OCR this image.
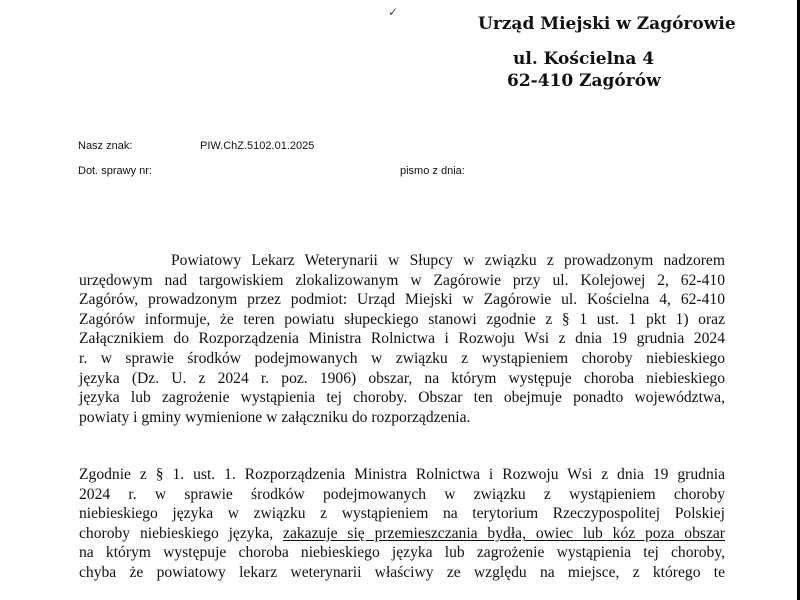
✓
Urząd Miejski w Zagórowie
ul. Kościelna 4
62-410 Zagórów
Nasz znak:	PIW.ChZ.5102.01.2025
Dot. sprawy nr:	pismo z dnia:
Powiatowy Lekarz Weterynarii w Słupcy w związku z prowadzonym nadzorem
urzędowym nad targowiskiem zlokalizowanym w Zagórowie przy ul. Kolejowej 2, 62-410
Zagórów, prowadzonym przez podmiot: Urząd Miejski w Zagórowie ul. Kościelna 4, 62-410
Zagórów informuje, że teren powiatu słupeckiego stanowi zgodnie z § 1 ust. 1 pkt 1) oraz
Załącznikiem do Rozporządzenia Ministra Rolnictwa i Rozwoju Wsi z dnia 19 grudnia 2024
r. w sprawie środków podejmowanych w związku z wystąpieniem choroby niebieskiego
języka (Dz. U. z 2024 r. poz. 1906) obszar, na którym występuje choroba niebieskiego
języka lub zagrożenie wystąpienia tej choroby. Obszar ten obejmuje ponadto województwa,
powiaty i gminy wymienione w załączniku do rozporządzenia.
Zgodnie z § 1. ust. 1. Rozporządzenia Ministra Rolnictwa i Rozwoju Wsi z dnia 19 grudnia
2024 r. w sprawie środków podejmowanych w związku z wystąpieniem choroby
niebieskiego języka w związku z wystąpieniem na terytorium Rzeczypospolitej Polskiej
choroby niebieskiego języka, zakazuje się przemieszczania bydła, owiec lub kóz poza obszar
na którym występuje choroba niebieskiego języka lub zagrożenie wystąpienia tej choroby,
chyba że powiatowy lekarz weterynarii właściwy ze względu na miejsce, z którego te
